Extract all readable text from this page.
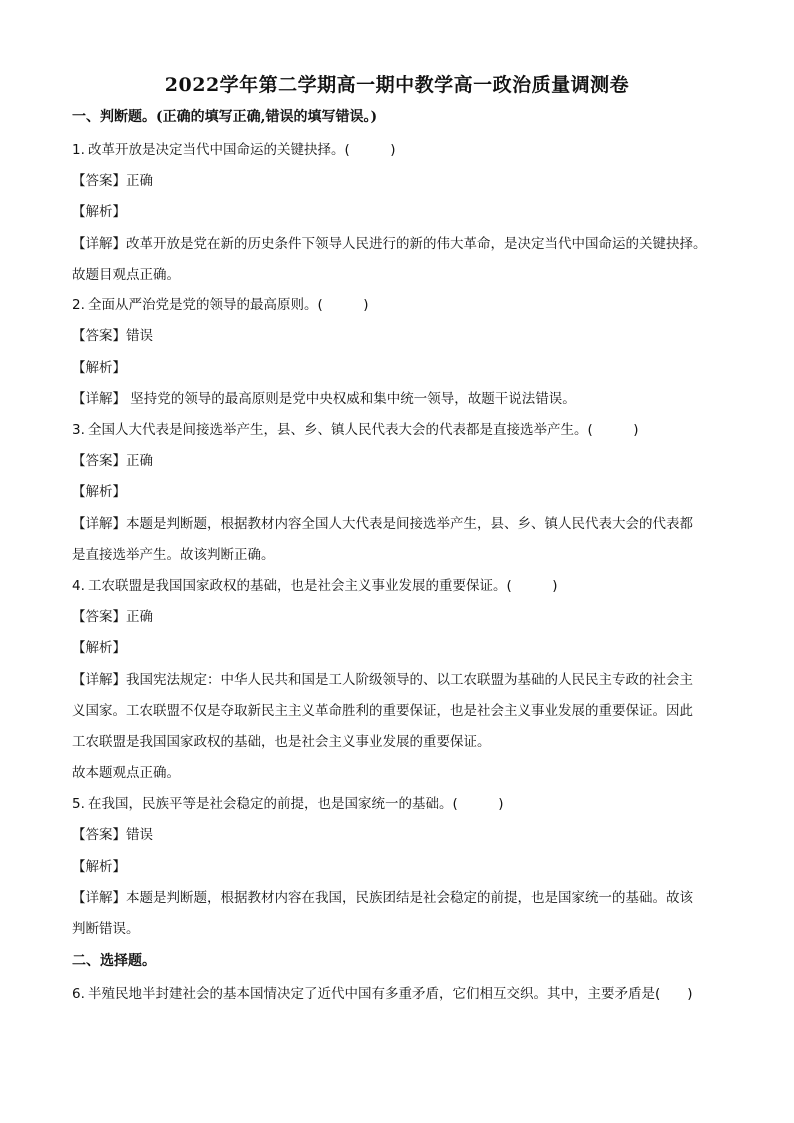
2022学年第二学期高一期中教学高一政治质量调测卷
一、判断题。(正确的填写正确,错误的填写错误。)
1. 改革开放是决定当代中国命运的关键抉择。(　　　)
【答案】正确
【解析】
【详解】改革开放是党在新的历史条件下领导人民进行的新的伟大革命，是决定当代中国命运的关键抉择。
故题目观点正确。
2. 全面从严治党是党的领导的最高原则。(　　　)
【答案】错误
【解析】
【详解】 坚持党的领导的最高原则是党中央权威和集中统一领导，故题干说法错误。
3. 全国人大代表是间接选举产生，县、乡、镇人民代表大会的代表都是直接选举产生。(　　　)
【答案】正确
【解析】
【详解】本题是判断题，根据教材内容全国人大代表是间接选举产生，县、乡、镇人民代表大会的代表都
是直接选举产生。故该判断正确。
4. 工农联盟是我国国家政权的基础，也是社会主义事业发展的重要保证。(　　　)
【答案】正确
【解析】
【详解】我国宪法规定：中华人民共和国是工人阶级领导的、以工农联盟为基础的人民民主专政的社会主
义国家。工农联盟不仅是夺取新民主主义革命胜利的重要保证，也是社会主义事业发展的重要保证。因此
工农联盟是我国国家政权的基础，也是社会主义事业发展的重要保证。
故本题观点正确。
5. 在我国，民族平等是社会稳定的前提，也是国家统一的基础。(　　　)
【答案】错误
【解析】
【详解】本题是判断题，根据教材内容在我国，民族团结是社会稳定的前提，也是国家统一的基础。故该
判断错误。
二、选择题。
6. 半殖民地半封建社会的基本国情决定了近代中国有多重矛盾，它们相互交织。其中，主要矛盾是(　　)
